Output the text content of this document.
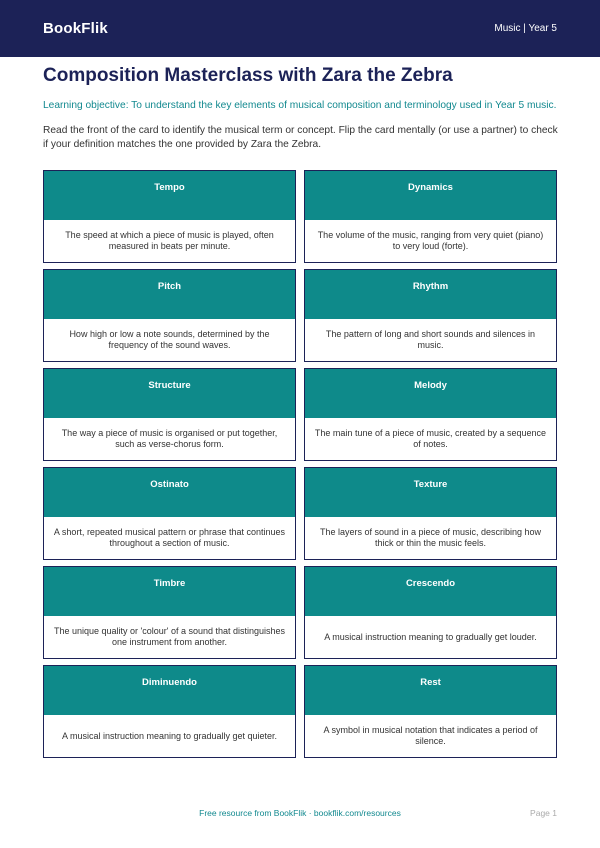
BookFlik	Music | Year 5
Composition Masterclass with Zara the Zebra

Learning objective: To understand the key elements of musical composition and terminology used in Year 5 music.

Read the front of the card to identify the musical term or concept. Flip the card mentally (or use a partner) to check if your definition matches the one provided by Zara the Zebra.

Tempo
The speed at which a piece of music is played, often measured in beats per minute.
Dynamics
The volume of the music, ranging from very quiet (piano) to very loud (forte).
Pitch
How high or low a note sounds, determined by the frequency of the sound waves.
Rhythm
The pattern of long and short sounds and silences in music.
Structure
The way a piece of music is organised or put together, such as verse-chorus form.
Melody
The main tune of a piece of music, created by a sequence of notes.
Ostinato
A short, repeated musical pattern or phrase that continues throughout a section of music.
Texture
The layers of sound in a piece of music, describing how thick or thin the music feels.
Timbre
The unique quality or 'colour' of a sound that distinguishes one instrument from another.
Crescendo
A musical instruction meaning to gradually get louder.
Diminuendo
A musical instruction meaning to gradually get quieter.
Rest
A symbol in musical notation that indicates a period of silence.
Free resource from BookFlik · bookflik.com/resources	Page 1
